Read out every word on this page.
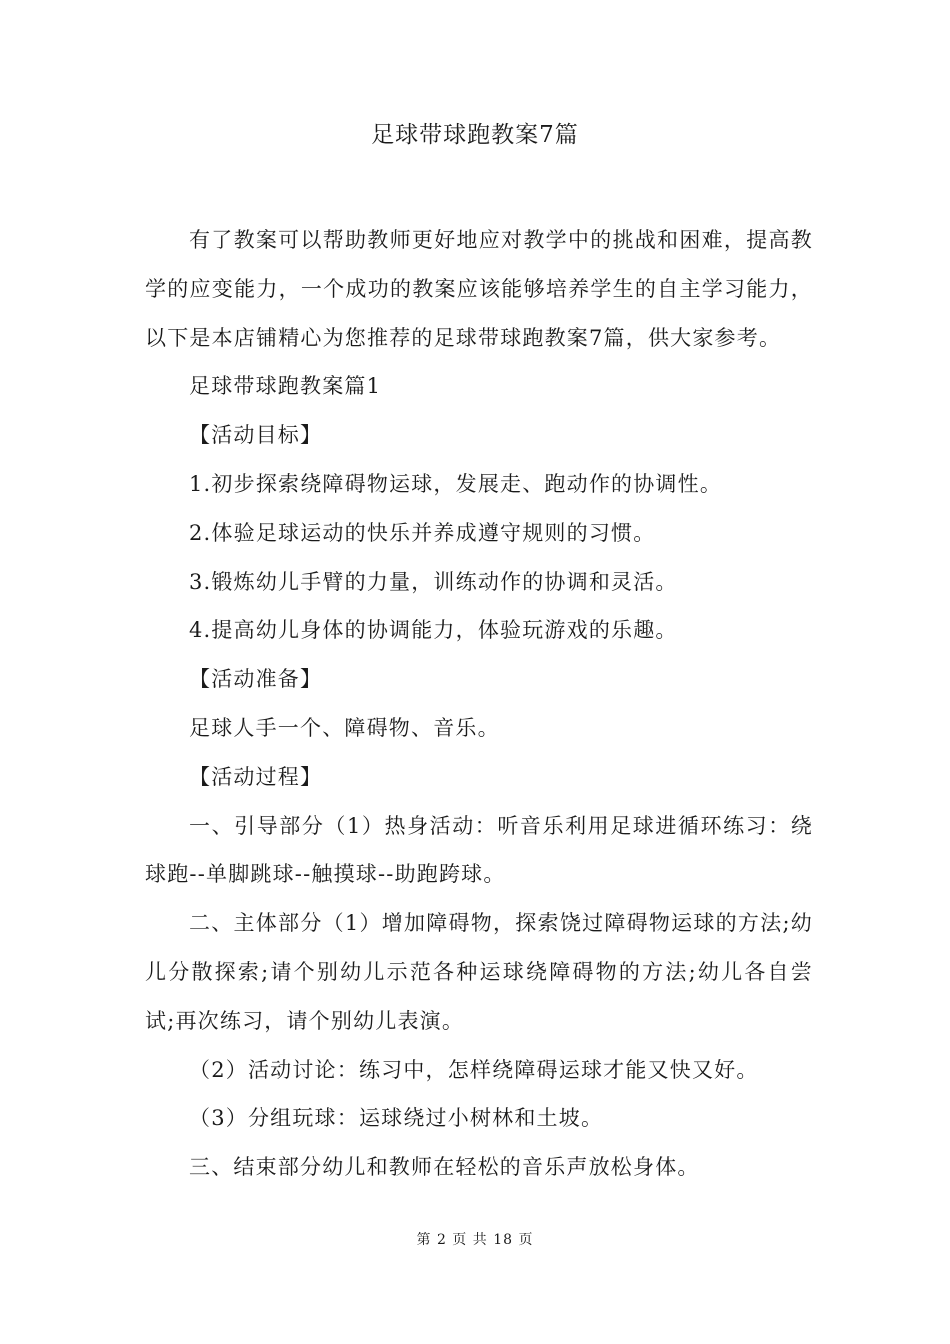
足球带球跑教案7篇

有了教案可以帮助教师更好地应对教学中的挑战和困难，提高教学的应变能力，一个成功的教案应该能够培养学生的自主学习能力，以下是本店铺精心为您推荐的足球带球跑教案7篇，供大家参考。

足球带球跑教案篇1

【活动目标】

1.初步探索绕障碍物运球，发展走、跑动作的协调性。

2.体验足球运动的快乐并养成遵守规则的习惯。

3.锻炼幼儿手臂的力量，训练动作的协调和灵活。

4.提高幼儿身体的协调能力，体验玩游戏的乐趣。

【活动准备】

足球人手一个、障碍物、音乐。

【活动过程】

一、引导部分（1）热身活动：听音乐利用足球进循环练习：绕球跑--单脚跳球--触摸球--助跑跨球。

二、主体部分（1）增加障碍物，探索饶过障碍物运球的方法;幼儿分散探索;请个别幼儿示范各种运球绕障碍物的方法;幼儿各自尝试;再次练习，请个别幼儿表演。

（2）活动讨论：练习中，怎样绕障碍运球才能又快又好。

（3）分组玩球：运球绕过小树林和土坡。

三、结束部分幼儿和教师在轻松的音乐声放松身体。

第 2 页 共 18 页
